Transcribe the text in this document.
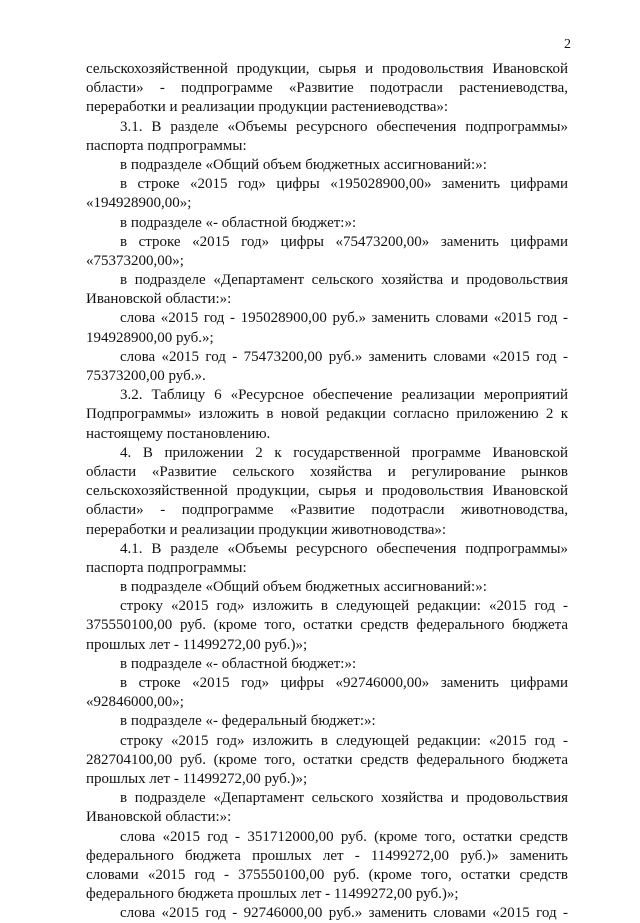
2
сельскохозяйственной продукции, сырья и продовольствия Ивановской
области» - подпрограмме «Развитие подотрасли растениеводства,
переработки и реализации продукции растениеводства»:
3.1. В разделе «Объемы ресурсного обеспечения подпрограммы»
паспорта подпрограммы:
в подразделе «Общий объем бюджетных ассигнований:»:
в строке «2015 год» цифры «195028900,00» заменить цифрами
«194928900,00»;
в подразделе «- областной бюджет:»:
в строке «2015 год» цифры «75473200,00» заменить цифрами
«75373200,00»;
в подразделе «Департамент сельского хозяйства и продовольствия
Ивановской области:»:
слова «2015 год - 195028900,00 руб.» заменить словами «2015 год -
194928900,00 руб.»;
слова «2015 год - 75473200,00 руб.» заменить словами «2015 год -
75373200,00 руб.».
3.2. Таблицу 6 «Ресурсное обеспечение реализации мероприятий
Подпрограммы» изложить в новой редакции согласно приложению 2 к
настоящему постановлению.
4. В приложении 2 к государственной программе Ивановской
области «Развитие сельского хозяйства и регулирование рынков
сельскохозяйственной продукции, сырья и продовольствия Ивановской
области» - подпрограмме «Развитие подотрасли животноводства,
переработки и реализации продукции животноводства»:
4.1. В разделе «Объемы ресурсного обеспечения подпрограммы»
паспорта подпрограммы:
в подразделе «Общий объем бюджетных ассигнований:»:
строку «2015 год» изложить в следующей редакции: «2015 год -
375550100,00 руб. (кроме того, остатки средств федерального бюджета
прошлых лет - 11499272,00 руб.)»;
в подразделе «- областной бюджет:»:
в строке «2015 год» цифры «92746000,00» заменить цифрами
«92846000,00»;
в подразделе «- федеральный бюджет:»:
строку «2015 год» изложить в следующей редакции: «2015 год -
282704100,00 руб. (кроме того, остатки средств федерального бюджета
прошлых лет - 11499272,00 руб.)»;
в подразделе «Департамент сельского хозяйства и продовольствия
Ивановской области:»:
слова «2015 год - 351712000,00 руб. (кроме того, остатки средств
федерального бюджета прошлых лет - 11499272,00 руб.)» заменить
словами «2015 год - 375550100,00 руб. (кроме того, остатки средств
федерального бюджета прошлых лет - 11499272,00 руб.)»;
слова «2015 год - 92746000,00 руб.» заменить словами «2015 год -
